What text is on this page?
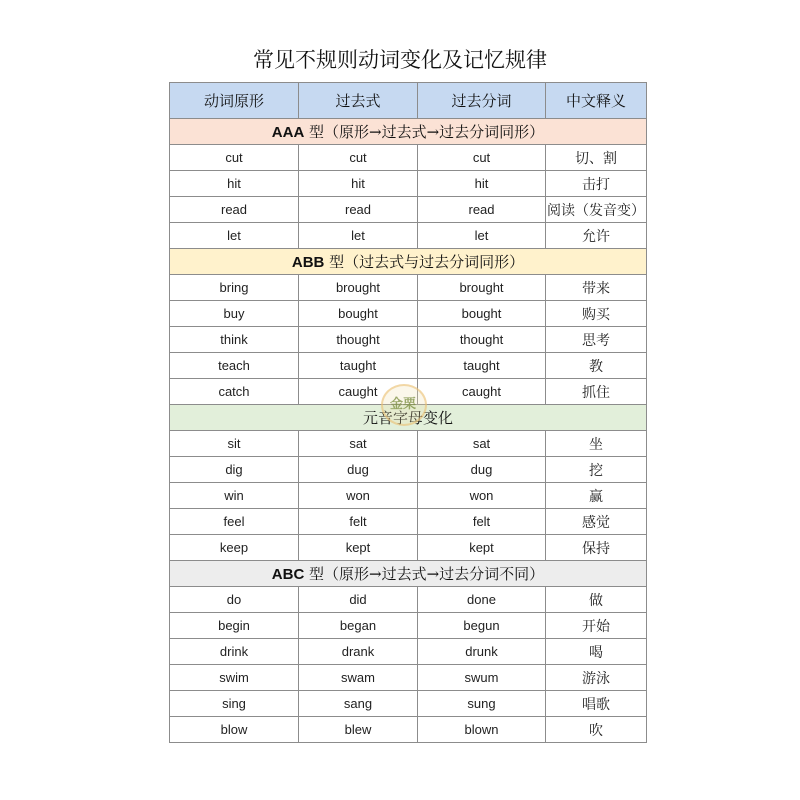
常见不规则动词变化及记忆规律
动词原形	过去式	过去分词	中文释义
AAA 型（原形→过去式→过去分词同形）			
cut	cut	cut	切、割
hit	hit	hit	击打
read	read	read	阅读（发音变）
let	let	let	允许
ABB 型（过去式与过去分词同形）			
bring	brought	brought	带来
buy	bought	bought	购买
think	thought	thought	思考
teach	taught	taught	教
catch	caught	caught	抓住
元音字母变化			
sit	sat	sat	坐
dig	dug	dug	挖
win	won	won	赢
feel	felt	felt	感觉
keep	kept	kept	保持
ABC 型（原形→过去式→过去分词不同）			
do	did	done	做
begin	began	begun	开始
drink	drank	drunk	喝
swim	swam	swum	游泳
sing	sang	sung	唱歌
blow	blew	blown	吹
金栗
